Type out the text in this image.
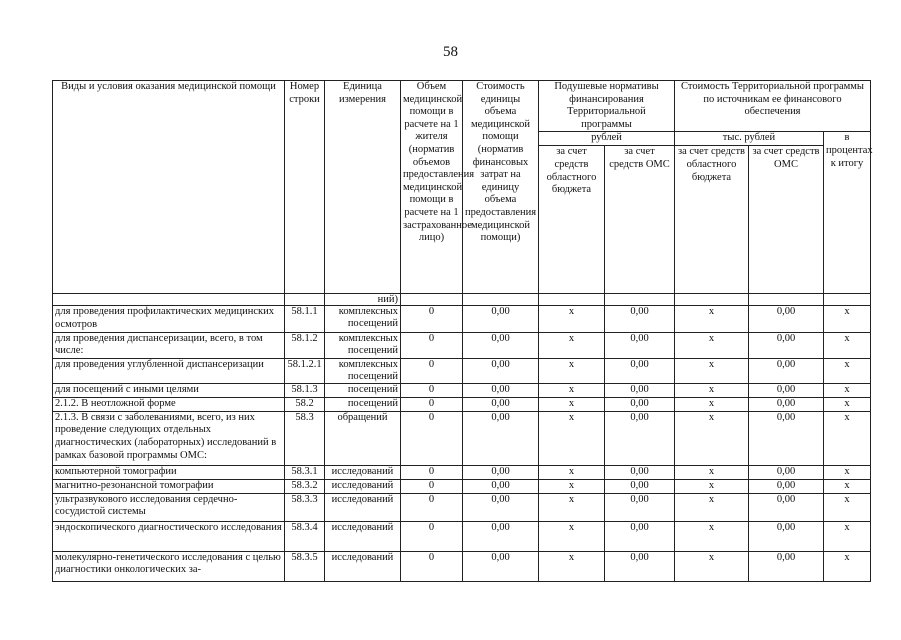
58
Виды и условия оказания медицинской помощи	Номер строки	Единица измерения	Объем медицинской помощи в расчете на 1 жителя (норматив объемов предоставления медицинской помощи в расчете на 1 застрахованное лицо)	Стоимость единицы объема медицинской помощи (норматив финансовых затрат на единицу объема предоставления медицинской помощи)	Подушевые нормативы финансирования Территориальной программы		Стоимость Территориальной программы по источникам ее финансового обеспечения		
					рублей		тыс. рублей		в процентах к итогу
					за счет средств областного бюджета	за счет средств ОМС	за счет средств областного бюджета	за счет средств ОМС	
		ний)							
для проведения профилактических медицинских осмотров	58.1.1	комплексных посещений	0	0,00	х	0,00	х	0,00	х
для проведения диспансеризации, всего, в том числе:	58.1.2	комплексных посещений	0	0,00	х	0,00	х	0,00	х
для проведения углубленной диспансеризации	58.1.2.1	комплексных посещений	0	0,00	х	0,00	х	0,00	х
для посещений с иными целями	58.1.3	посещений	0	0,00	х	0,00	х	0,00	х
2.1.2. В неотложной форме	58.2	посещений	0	0,00	х	0,00	х	0,00	х
2.1.3. В связи с заболеваниями, всего, из них проведение следующих отдельных диагностических (лабораторных) исследований в рамках базовой программы ОМС:	58.3	обращений	0	0,00	х	0,00	х	0,00	х
компьютерной томографии	58.3.1	исследований	0	0,00	х	0,00	х	0,00	х
магнитно-резонансной томографии	58.3.2	исследований	0	0,00	х	0,00	х	0,00	х
ультразвукового исследования сердечно-сосудистой системы	58.3.3	исследований	0	0,00	х	0,00	х	0,00	х
эндоскопического диагностического исследования	58.3.4	исследований	0	0,00	х	0,00	х	0,00	х
молекулярно-генетического исследования с целью диагностики онкологических за-	58.3.5	исследований	0	0,00	х	0,00	х	0,00	х
